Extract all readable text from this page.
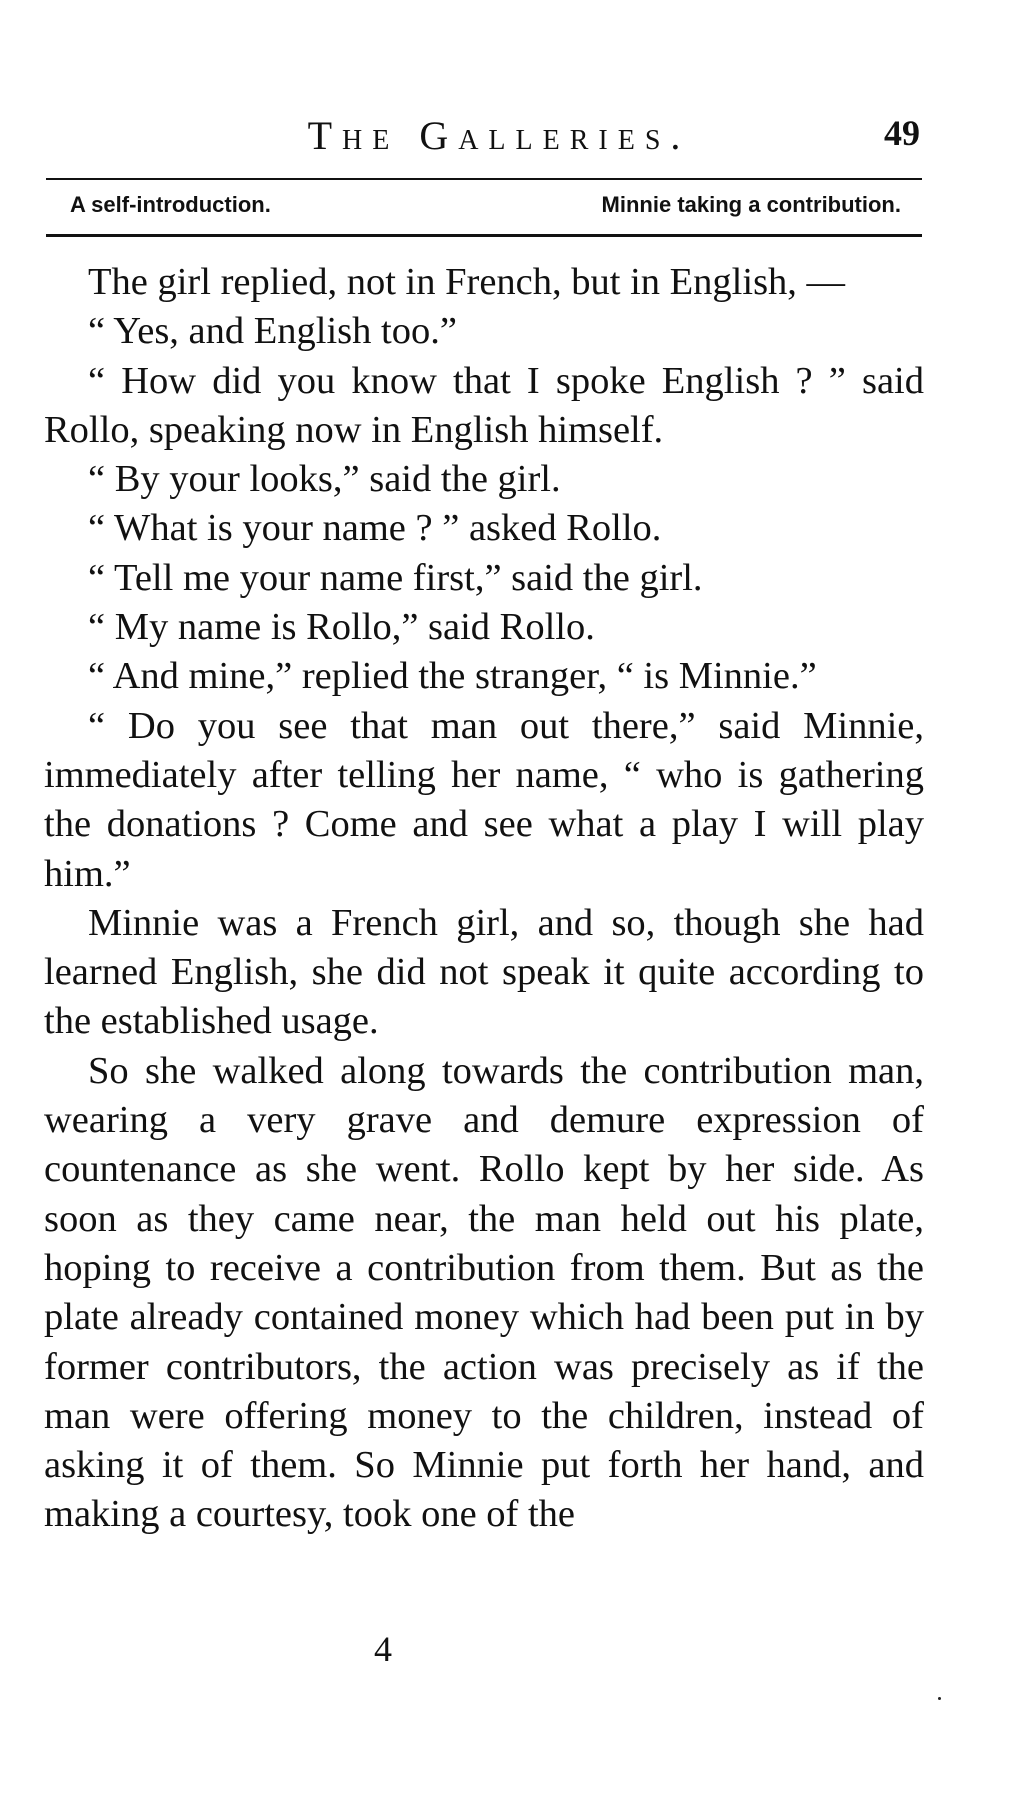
The Galleries.	49
A self-introduction.	Minnie taking a contribution.

The girl replied, not in French, but in English, —

“ Yes, and English too.”

“ How did you know that I spoke English ? ” said Rollo, speaking now in English himself.

“ By your looks,” said the girl.

“ What is your name ? ” asked Rollo.

“ Tell me your name first,” said the girl.

“ My name is Rollo,” said Rollo.

“ And mine,” replied the stranger, “ is Minnie.”

“ Do you see that man out there,” said Minnie, immediately after telling her name, “ who is gathering the donations ? Come and see what a play I will play him.”

Minnie was a French girl, and so, though she had learned English, she did not speak it quite according to the established usage.

So she walked along towards the contribution man, wearing a very grave and demure expression of countenance as she went. Rollo kept by her side. As soon as they came near, the man held out his plate, hoping to receive a contribution from them. But as the plate already contained money which had been put in by former contributors, the action was precisely as if the man were offering money to the children, instead of asking it of them. So Minnie put forth her hand, and making a courtesy, took one of the

4
